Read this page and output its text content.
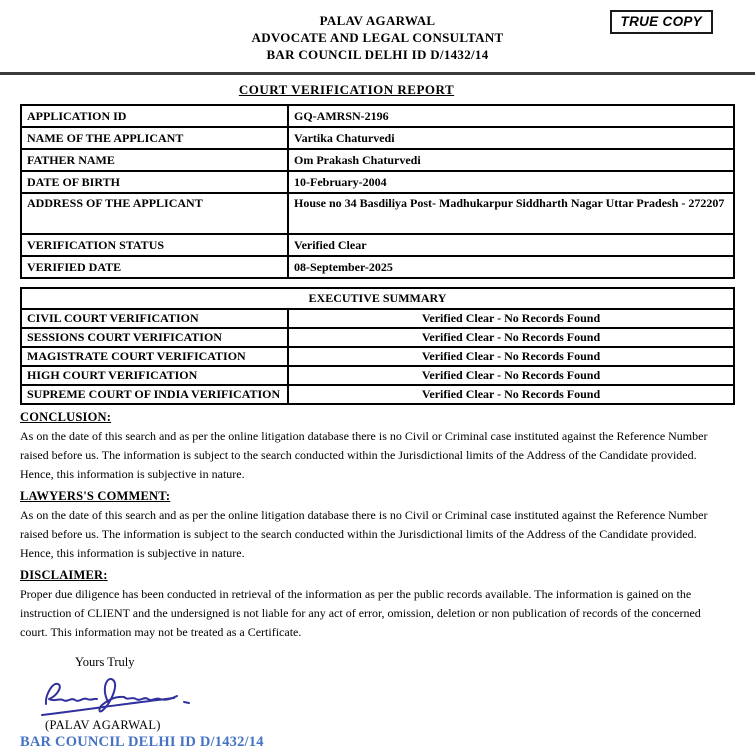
PALAV AGARWAL
ADVOCATE AND LEGAL CONSULTANT
BAR COUNCIL DELHI ID D/1432/14
TRUE COPY
COURT VERIFICATION REPORT
APPLICATION ID	GQ-AMRSN-2196
NAME OF THE APPLICANT	Vartika Chaturvedi
FATHER NAME	Om Prakash Chaturvedi
DATE OF BIRTH	10-February-2004
ADDRESS OF THE APPLICANT	House no 34 Basdiliya Post- Madhukarpur Siddharth Nagar Uttar Pradesh - 272207
VERIFICATION STATUS	Verified Clear
VERIFIED DATE	08-September-2025
EXECUTIVE SUMMARY	
CIVIL COURT VERIFICATION	Verified Clear - No Records Found
SESSIONS COURT VERIFICATION	Verified Clear - No Records Found
MAGISTRATE COURT VERIFICATION	Verified Clear - No Records Found
HIGH COURT VERIFICATION	Verified Clear - No Records Found
SUPREME COURT OF INDIA VERIFICATION	Verified Clear - No Records Found
CONCLUSION:
As on the date of this search and as per the online litigation database there is no Civil or Criminal case instituted against the Reference Number raised before us. The information is subject to the search conducted within the Jurisdictional limits of the Address of the Candidate provided. Hence, this information is subjective in nature.
LAWYERS'S COMMENT:
As on the date of this search and as per the online litigation database there is no Civil or Criminal case instituted against the Reference Number raised before us. The information is subject to the search conducted within the Jurisdictional limits of the Address of the Candidate provided. Hence, this information is subjective in nature.
DISCLAIMER:
Proper due diligence has been conducted in retrieval of the information as per the public records available. The information is gained on the instruction of CLIENT and the undersigned is not liable for any act of error, omission, deletion or non publication of records of the concerned court. This information may not be treated as a Certificate.
Yours Truly
(PALAV AGARWAL)
BAR COUNCIL DELHI ID D/1432/14
